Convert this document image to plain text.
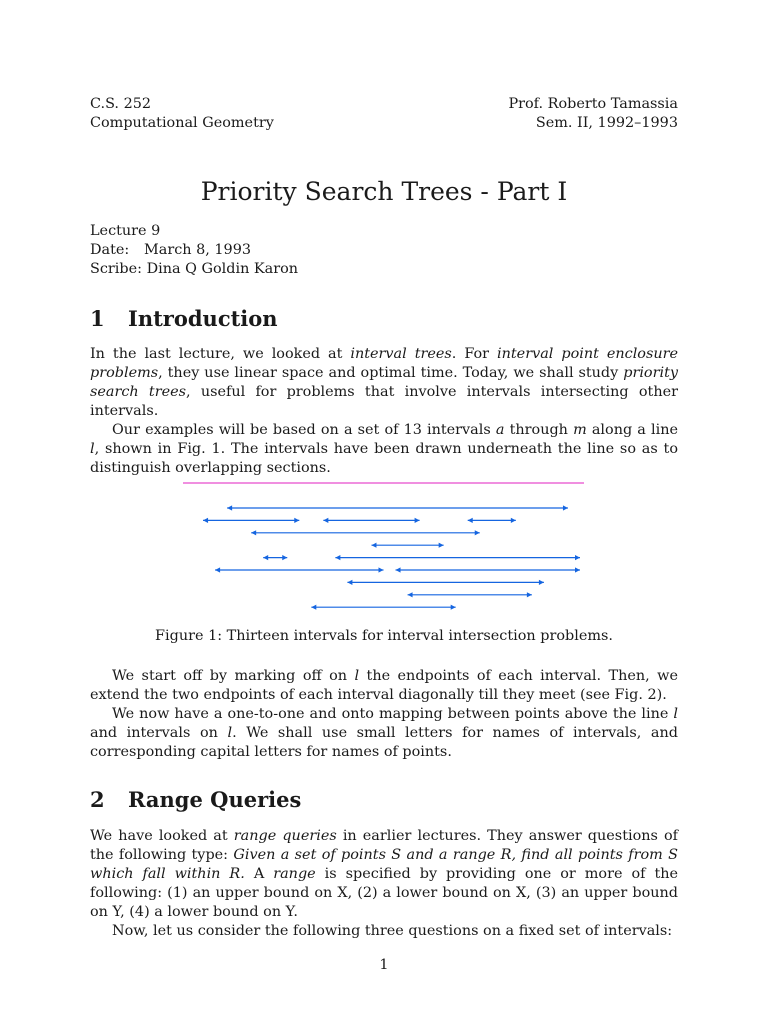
C.S. 252
Computational Geometry
Prof. Roberto Tamassia
Sem. II, 1992–1993
Priority Search Trees - Part I
Lecture 9
Date: March 8, 1993
Scribe: Dina Q Goldin Karon
1 Introduction
In the last lecture, we looked at interval trees. For interval point enclosure problems, they use linear space and optimal time. Today, we shall study priority search trees, useful for problems that involve intervals intersecting other intervals.
Our examples will be based on a set of 13 intervals a through m along a line l, shown in Fig. 1. The intervals have been drawn underneath the line so as to distinguish overlapping sections.
Figure 1: Thirteen intervals for interval intersection problems.
We start off by marking off on l the endpoints of each interval. Then, we extend the two endpoints of each interval diagonally till they meet (see Fig. 2).
We now have a one-to-one and onto mapping between points above the line l and intervals on l. We shall use small letters for names of intervals, and corresponding capital letters for names of points.
2 Range Queries
We have looked at range queries in earlier lectures. They answer questions of the following type: Given a set of points S and a range R, find all points from S which fall within R. A range is specified by providing one or more of the following: (1) an upper bound on X, (2) a lower bound on X, (3) an upper bound on Y, (4) a lower bound on Y.
Now, let us consider the following three questions on a fixed set of intervals:
1
